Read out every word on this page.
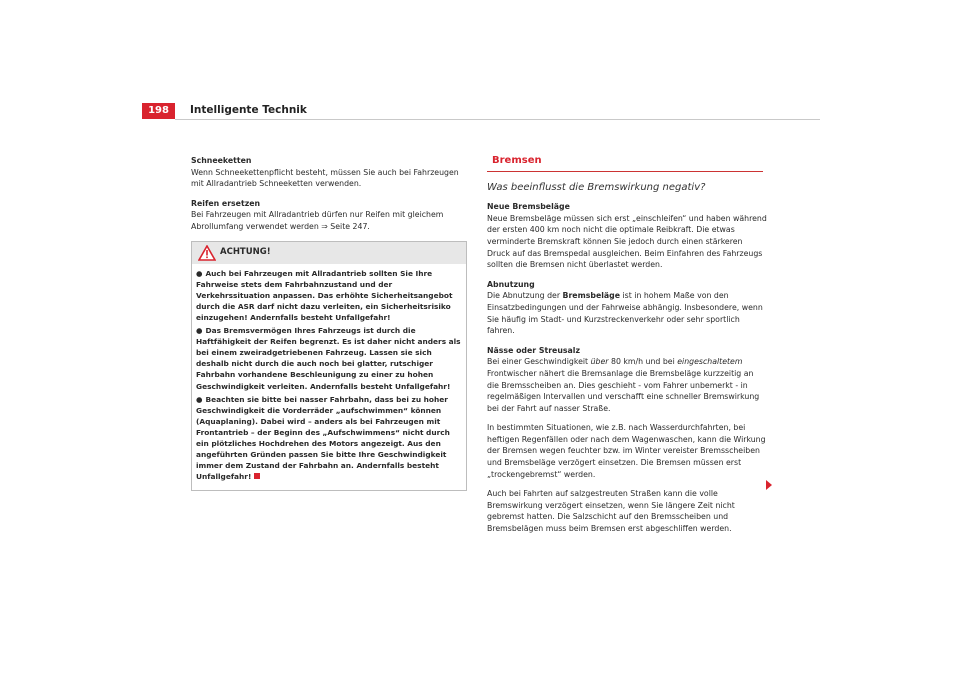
198	Intelligente Technik
Schneeketten
Wenn Schneekettenpflicht besteht, müssen Sie auch bei Fahrzeugen mit Allradantrieb Schneeketten verwenden.
Reifen ersetzen
Bei Fahrzeugen mit Allradantrieb dürfen nur Reifen mit gleichem Abrollumfang verwendet werden ⇒ Seite 247.
ACHTUNG!
● Auch bei Fahrzeugen mit Allradantrieb sollten Sie Ihre Fahrweise stets dem Fahrbahnzustand und der Verkehrssituation anpassen. Das erhöhte Sicherheitsangebot durch die ASR darf nicht dazu verleiten, ein Sicherheitsrisiko einzugehen! Andernfalls besteht Unfallgefahr!
● Das Bremsvermögen Ihres Fahrzeugs ist durch die Haftfähigkeit der Reifen begrenzt. Es ist daher nicht anders als bei einem zweiradgetriebenen Fahrzeug. Lassen sie sich deshalb nicht durch die auch noch bei glatter, rutschiger Fahrbahn vorhandene Beschleunigung zu einer zu hohen Geschwindigkeit verleiten. Andernfalls besteht Unfallgefahr!
● Beachten sie bitte bei nasser Fahrbahn, dass bei zu hoher Geschwindigkeit die Vorderräder „aufschwimmen“ können (Aquaplaning). Dabei wird – anders als bei Fahrzeugen mit Frontantrieb – der Beginn des „Aufschwimmens“ nicht durch ein plötzliches Hochdrehen des Motors angezeigt. Aus den angeführten Gründen passen Sie bitte Ihre Geschwindigkeit immer dem Zustand der Fahrbahn an. Andernfalls besteht Unfallgefahr!
Bremsen
Was beeinflusst die Bremswirkung negativ?
Neue Bremsbeläge
Neue Bremsbeläge müssen sich erst „einschleifen“ und haben während der ersten 400 km noch nicht die optimale Reibkraft. Die etwas verminderte Bremskraft können Sie jedoch durch einen stärkeren Druck auf das Bremspedal ausgleichen. Beim Einfahren des Fahrzeugs sollten die Bremsen nicht überlastet werden.
Abnutzung
Die Abnutzung der Bremsbeläge ist in hohem Maße von den Einsatzbedingungen und der Fahrweise abhängig. Insbesondere, wenn Sie häufig im Stadt- und Kurzstreckenverkehr oder sehr sportlich fahren.
Nässe oder Streusalz
Bei einer Geschwindigkeit über 80 km/h und bei eingeschaltetem Frontwischer nähert die Bremsanlage die Bremsbeläge kurzzeitig an die Bremsscheiben an. Dies geschieht - vom Fahrer unbemerkt - in regelmäßigen Intervallen und verschafft eine schneller Bremswirkung bei der Fahrt auf nasser Straße.
In bestimmten Situationen, wie z.B. nach Wasserdurchfahrten, bei heftigen Regenfällen oder nach dem Wagenwaschen, kann die Wirkung der Bremsen wegen feuchter bzw. im Winter vereister Bremsscheiben und Bremsbeläge verzögert einsetzen. Die Bremsen müssen erst „trockengebremst“ werden.
Auch bei Fahrten auf salzgestreuten Straßen kann die volle Bremswirkung verzögert einsetzen, wenn Sie längere Zeit nicht gebremst hatten. Die Salzschicht auf den Bremsscheiben und Bremsbelägen muss beim Bremsen erst abgeschliffen werden.
